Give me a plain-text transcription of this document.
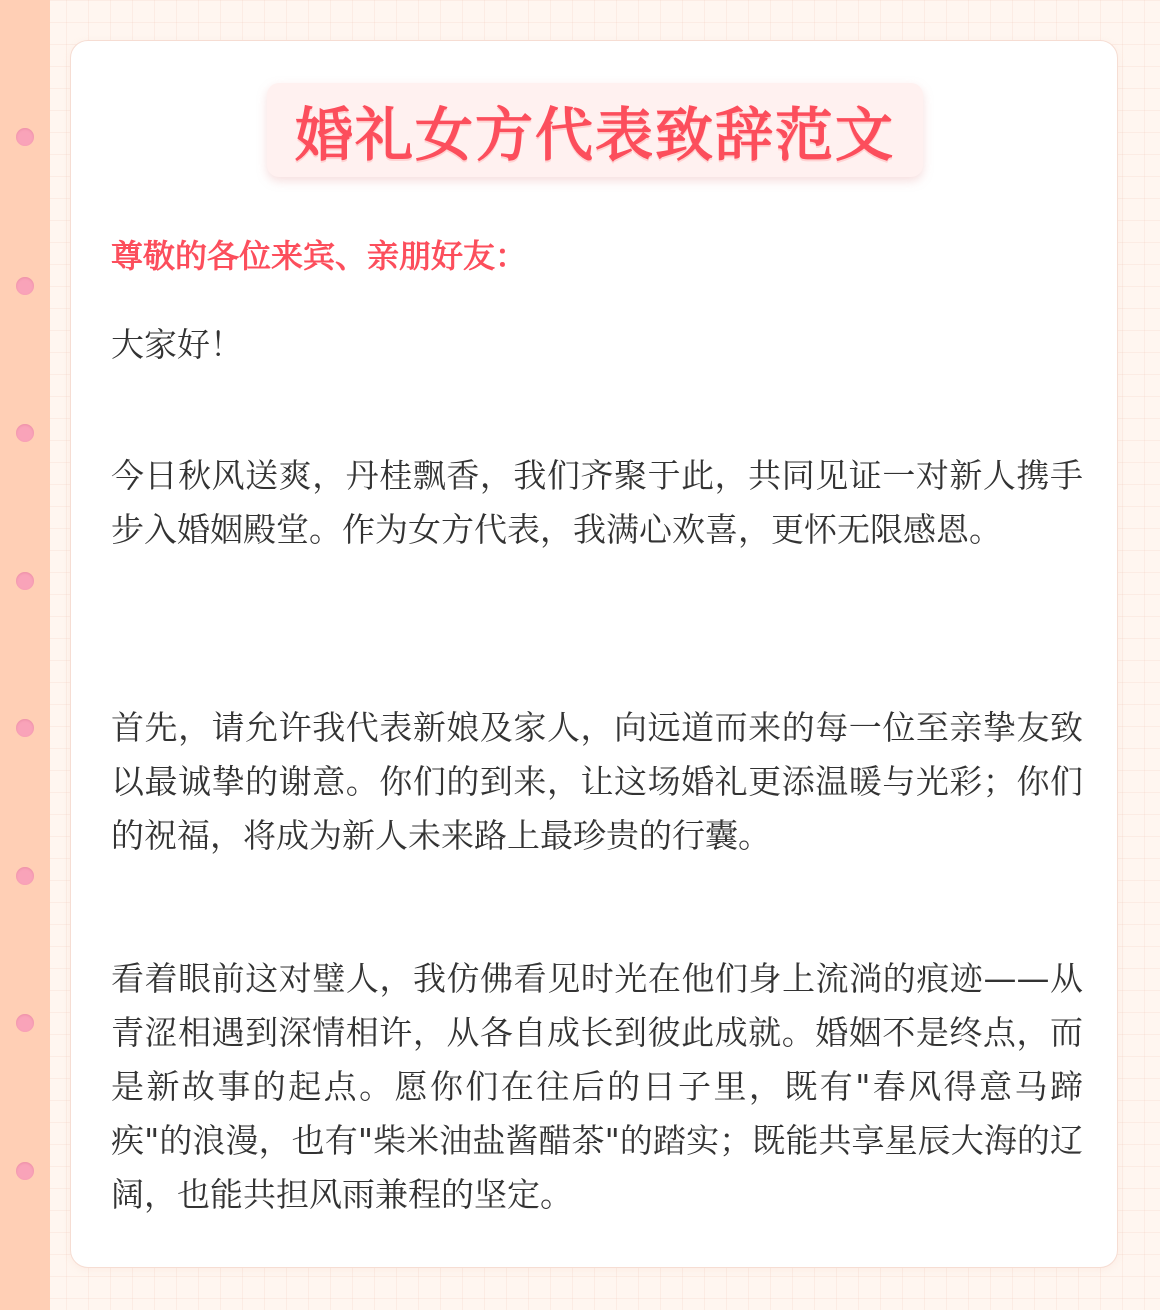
婚礼女方代表致辞范文
尊敬的各位来宾、亲朋好友：

大家好！

今日秋风送爽，丹桂飘香，我们齐聚于此，共同见证一对新人携手步入婚姻殿堂。作为女方代表，我满心欢喜，更怀无限感恩。

首先，请允许我代表新娘及家人，向远道而来的每一位至亲挚友致以最诚挚的谢意。你们的到来，让这场婚礼更添温暖与光彩；你们的祝福，将成为新人未来路上最珍贵的行囊。

看着眼前这对璧人，我仿佛看见时光在他们身上流淌的痕迹——从青涩相遇到深情相许，从各自成长到彼此成就。婚姻不是终点，而是新故事的起点。愿你们在往后的日子里，既有"春风得意马蹄疾"的浪漫，也有"柴米油盐酱醋茶"的踏实；既能共享星辰大海的辽阔，也能共担风雨兼程的坚定。
